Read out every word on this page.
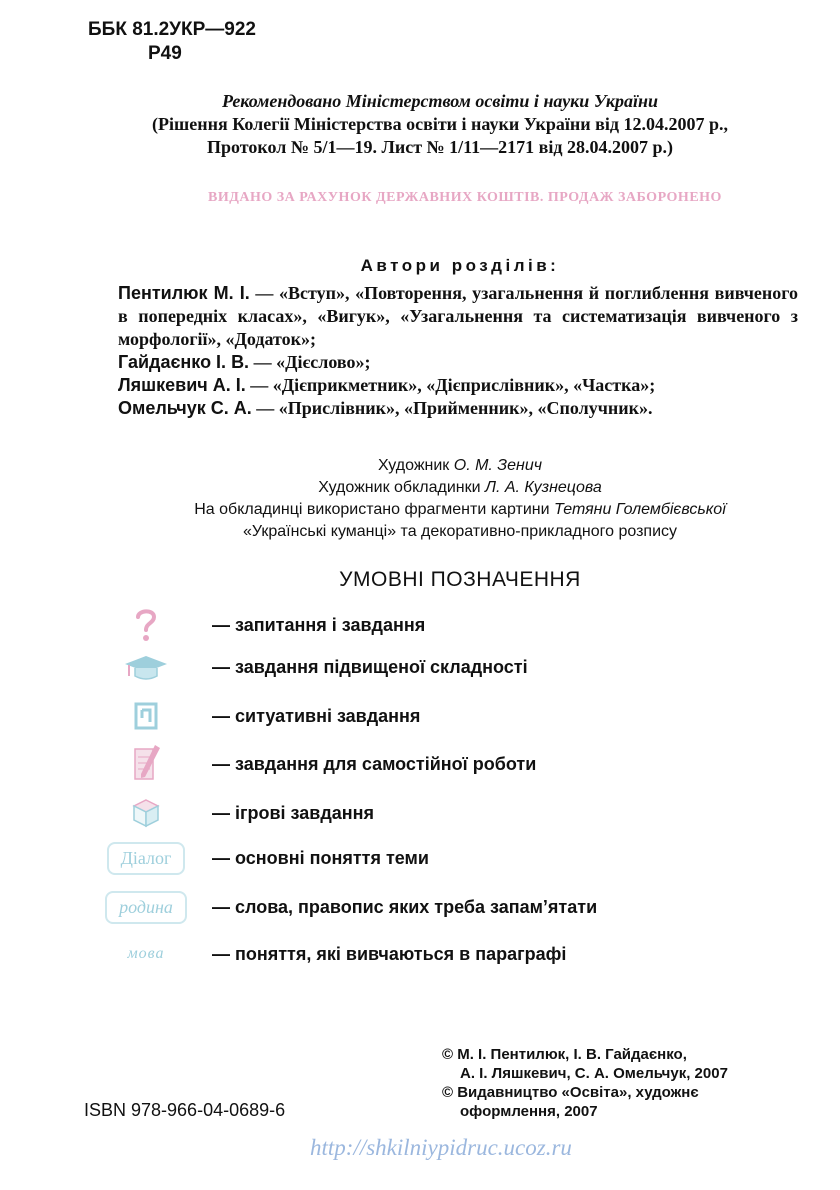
ББК 81.2УКР—922
Р49
Рекомендовано Міністерством освіти і науки України
(Рішення Колегії Міністерства освіти і науки України від 12.04.2007 р.,
Протокол № 5/1—19. Лист № 1/11—2171 від 28.04.2007 р.)
ВИДАНО ЗА РАХУНОК ДЕРЖАВНИХ КОШТІВ. ПРОДАЖ ЗАБОРОНЕНО
Автори розділів:

Пентилюк М. І. — «Вступ», «Повторення, узагальнення й поглиблення вивченого в попередніх класах», «Вигук», «Узагальнення та систематизація вивченого з морфології», «Додаток»;

Гайдаєнко І. В. — «Дієслово»;

Ляшкевич А. І. — «Дієприкметник», «Дієприслівник», «Частка»;

Омельчук С. А. — «Прислівник», «Прийменник», «Сполучник».

Художник О. М. Зенич
Художник обкладинки Л. А. Кузнецова
На обкладинці використано фрагменти картини Тетяни Голембієвської
«Українські куманці» та декоративно-прикладного розпису
УМОВНІ ПОЗНАЧЕННЯ
— запитання і завдання
— завдання підвищеної складності
— ситуативні завдання
— завдання для самостійної роботи
— ігрові завдання
Діалог	— основні поняття теми
родина	— слова, правопис яких треба запам’ятати
мова	— поняття, які вивчаються в параграфі

© М. І. Пентилюк, І. В. Гайдаєнко,

А. І. Ляшкевич, С. А. Омельчук, 2007

© Видавництво «Освіта», художнє

оформлення, 2007

ISBN 978-966-04-0689-6
http://shkilniypidruc.ucoz.ru
